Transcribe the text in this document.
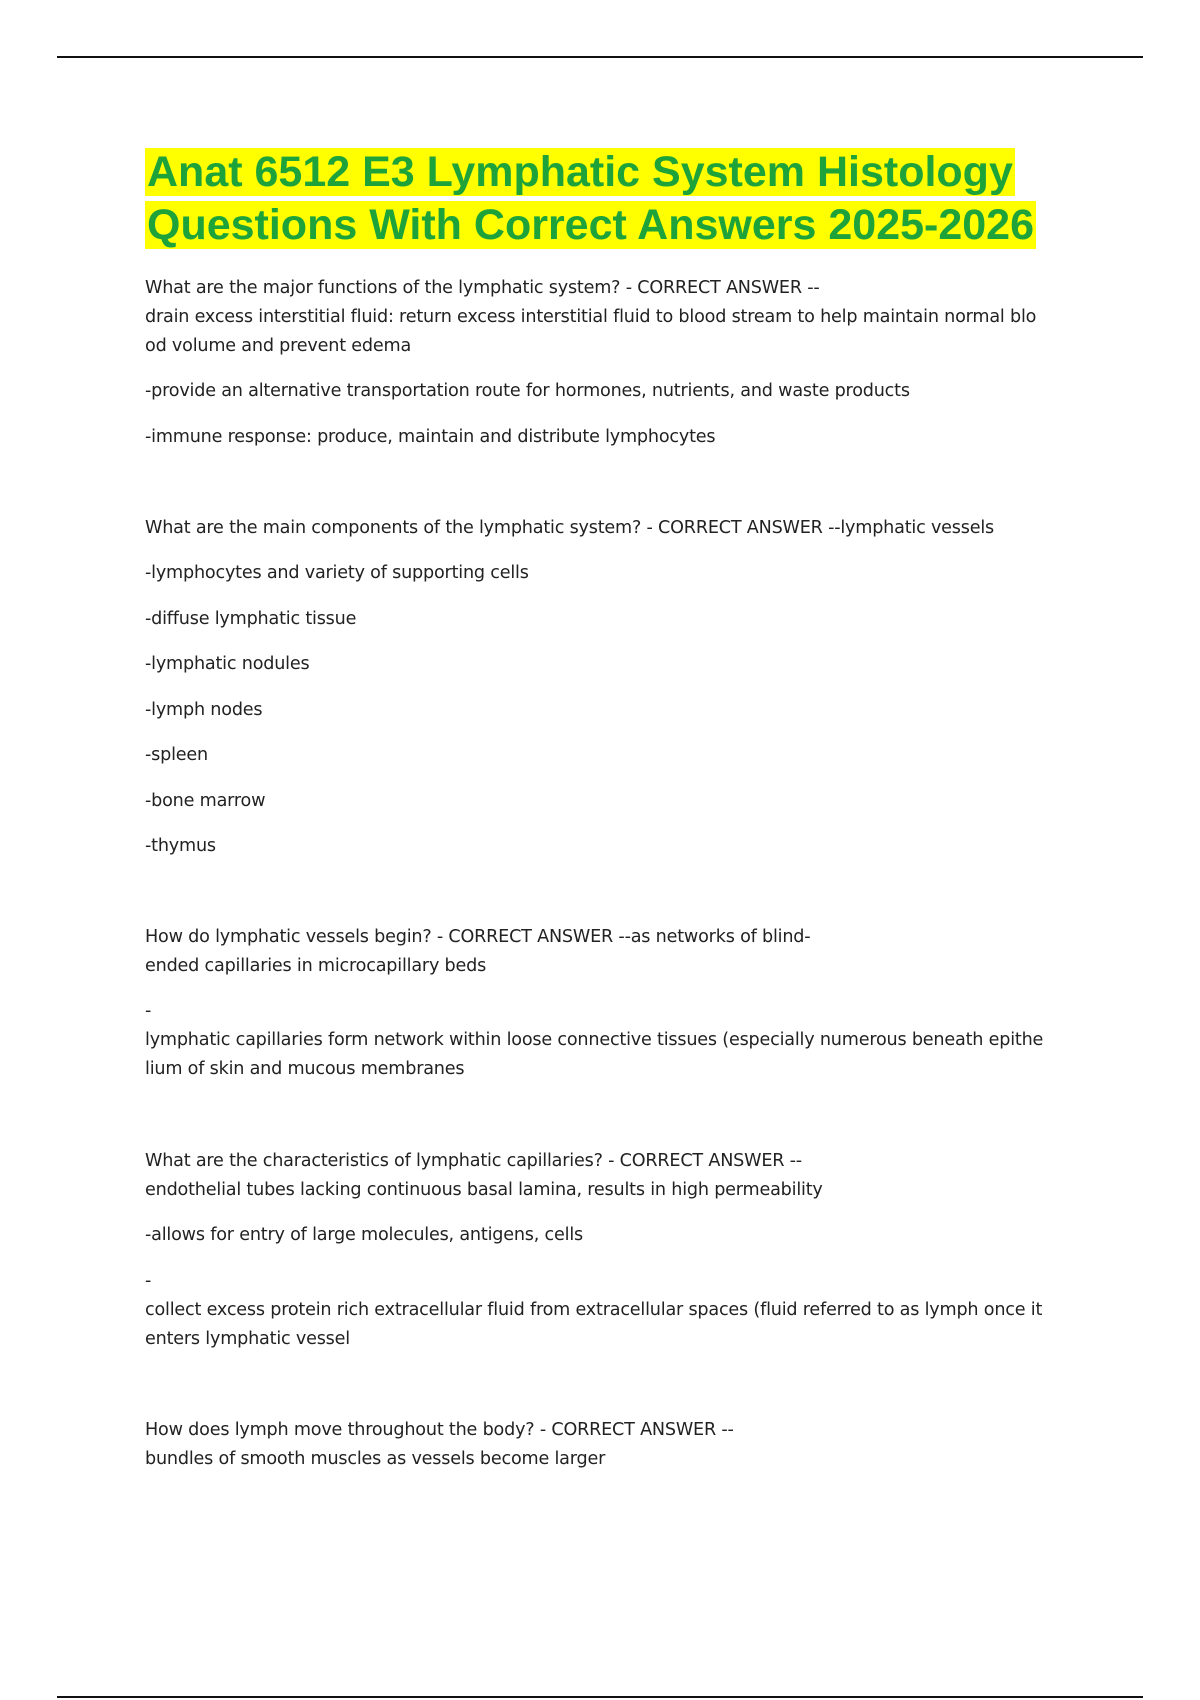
Anat 6512 E3 Lymphatic System Histology
Questions With Correct Answers 2025-2026

What are the major functions of the lymphatic system? - CORRECT ANSWER --

drain excess interstitial fluid: return excess interstitial fluid to blood stream to help maintain normal blo

od volume and prevent edema

-provide an alternative transportation route for hormones, nutrients, and waste products

-immune response: produce, maintain and distribute lymphocytes

What are the main components of the lymphatic system? - CORRECT ANSWER --lymphatic vessels

-lymphocytes and variety of supporting cells

-diffuse lymphatic tissue

-lymphatic nodules

-lymph nodes

-spleen

-bone marrow

-thymus

How do lymphatic vessels begin? - CORRECT ANSWER --as networks of blind-

ended capillaries in microcapillary beds

-

lymphatic capillaries form network within loose connective tissues (especially numerous beneath epithe

lium of skin and mucous membranes

What are the characteristics of lymphatic capillaries? - CORRECT ANSWER --

endothelial tubes lacking continuous basal lamina, results in high permeability

-allows for entry of large molecules, antigens, cells

-

collect excess protein rich extracellular fluid from extracellular spaces (fluid referred to as lymph once it

enters lymphatic vessel

How does lymph move throughout the body? - CORRECT ANSWER --

bundles of smooth muscles as vessels become larger
